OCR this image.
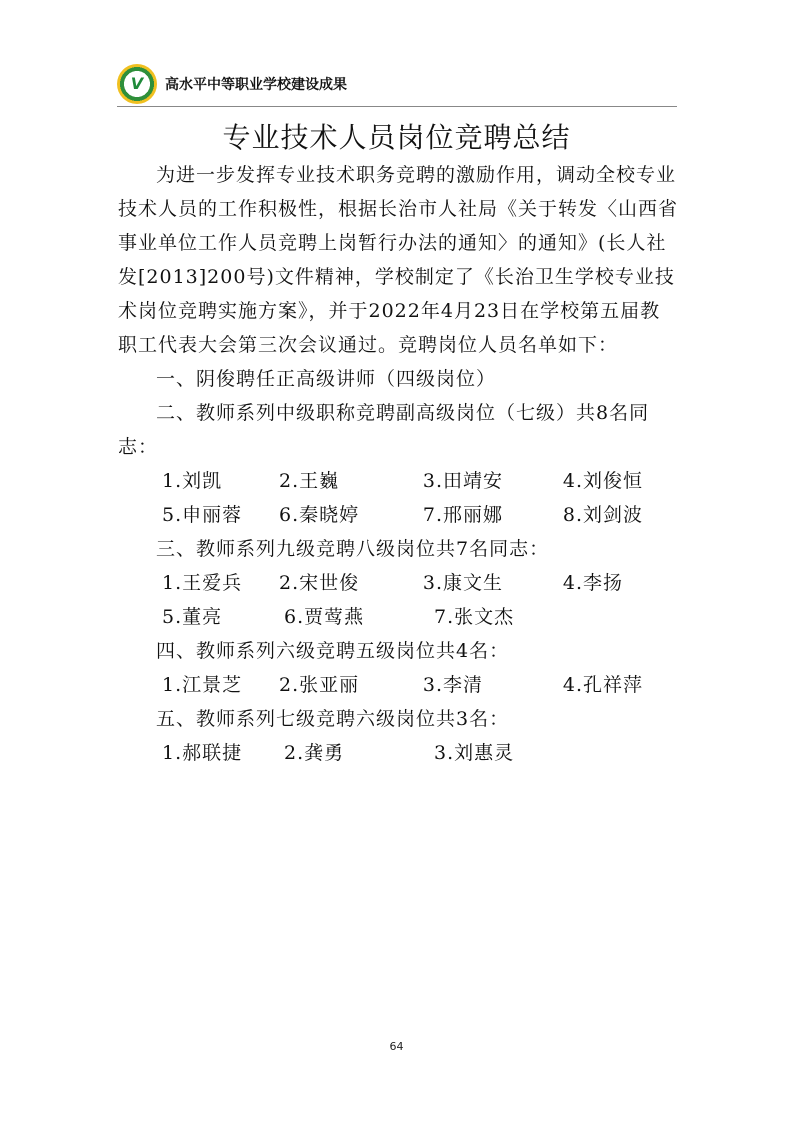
V 高水平中等职业学校建设成果
专业技术人员岗位竞聘总结

为进一步发挥专业技术职务竞聘的激励作用，调动全校专业技术人员的工作积极性，根据长治市人社局《关于转发〈山西省事业单位工作人员竞聘上岗暂行办法的通知〉的通知》(长人社发[2013]200号)文件精神，学校制定了《长治卫生学校专业技术岗位竞聘实施方案》，并于2022年4月23日在学校第五届教职工代表大会第三次会议通过。竞聘岗位人员名单如下：

一、阴俊聘任正高级讲师（四级岗位）

二、教师系列中级职称竞聘副高级岗位（七级）共8名同志：

1.刘凯	2.王巍	3.田靖安	4.刘俊恒
5.申丽蓉	6.秦晓婷	7.邢丽娜	8.刘剑波

三、教师系列九级竞聘八级岗位共7名同志：

1.王爱兵	2.宋世俊	3.康文生	4.李扬
5.董亮	6.贾莺燕	7.张文杰

四、教师系列六级竞聘五级岗位共4名：

1.江景芝	2.张亚丽	3.李清	4.孔祥萍

五、教师系列七级竞聘六级岗位共3名：

1.郝联捷	2.龚勇	3.刘惠灵
64
